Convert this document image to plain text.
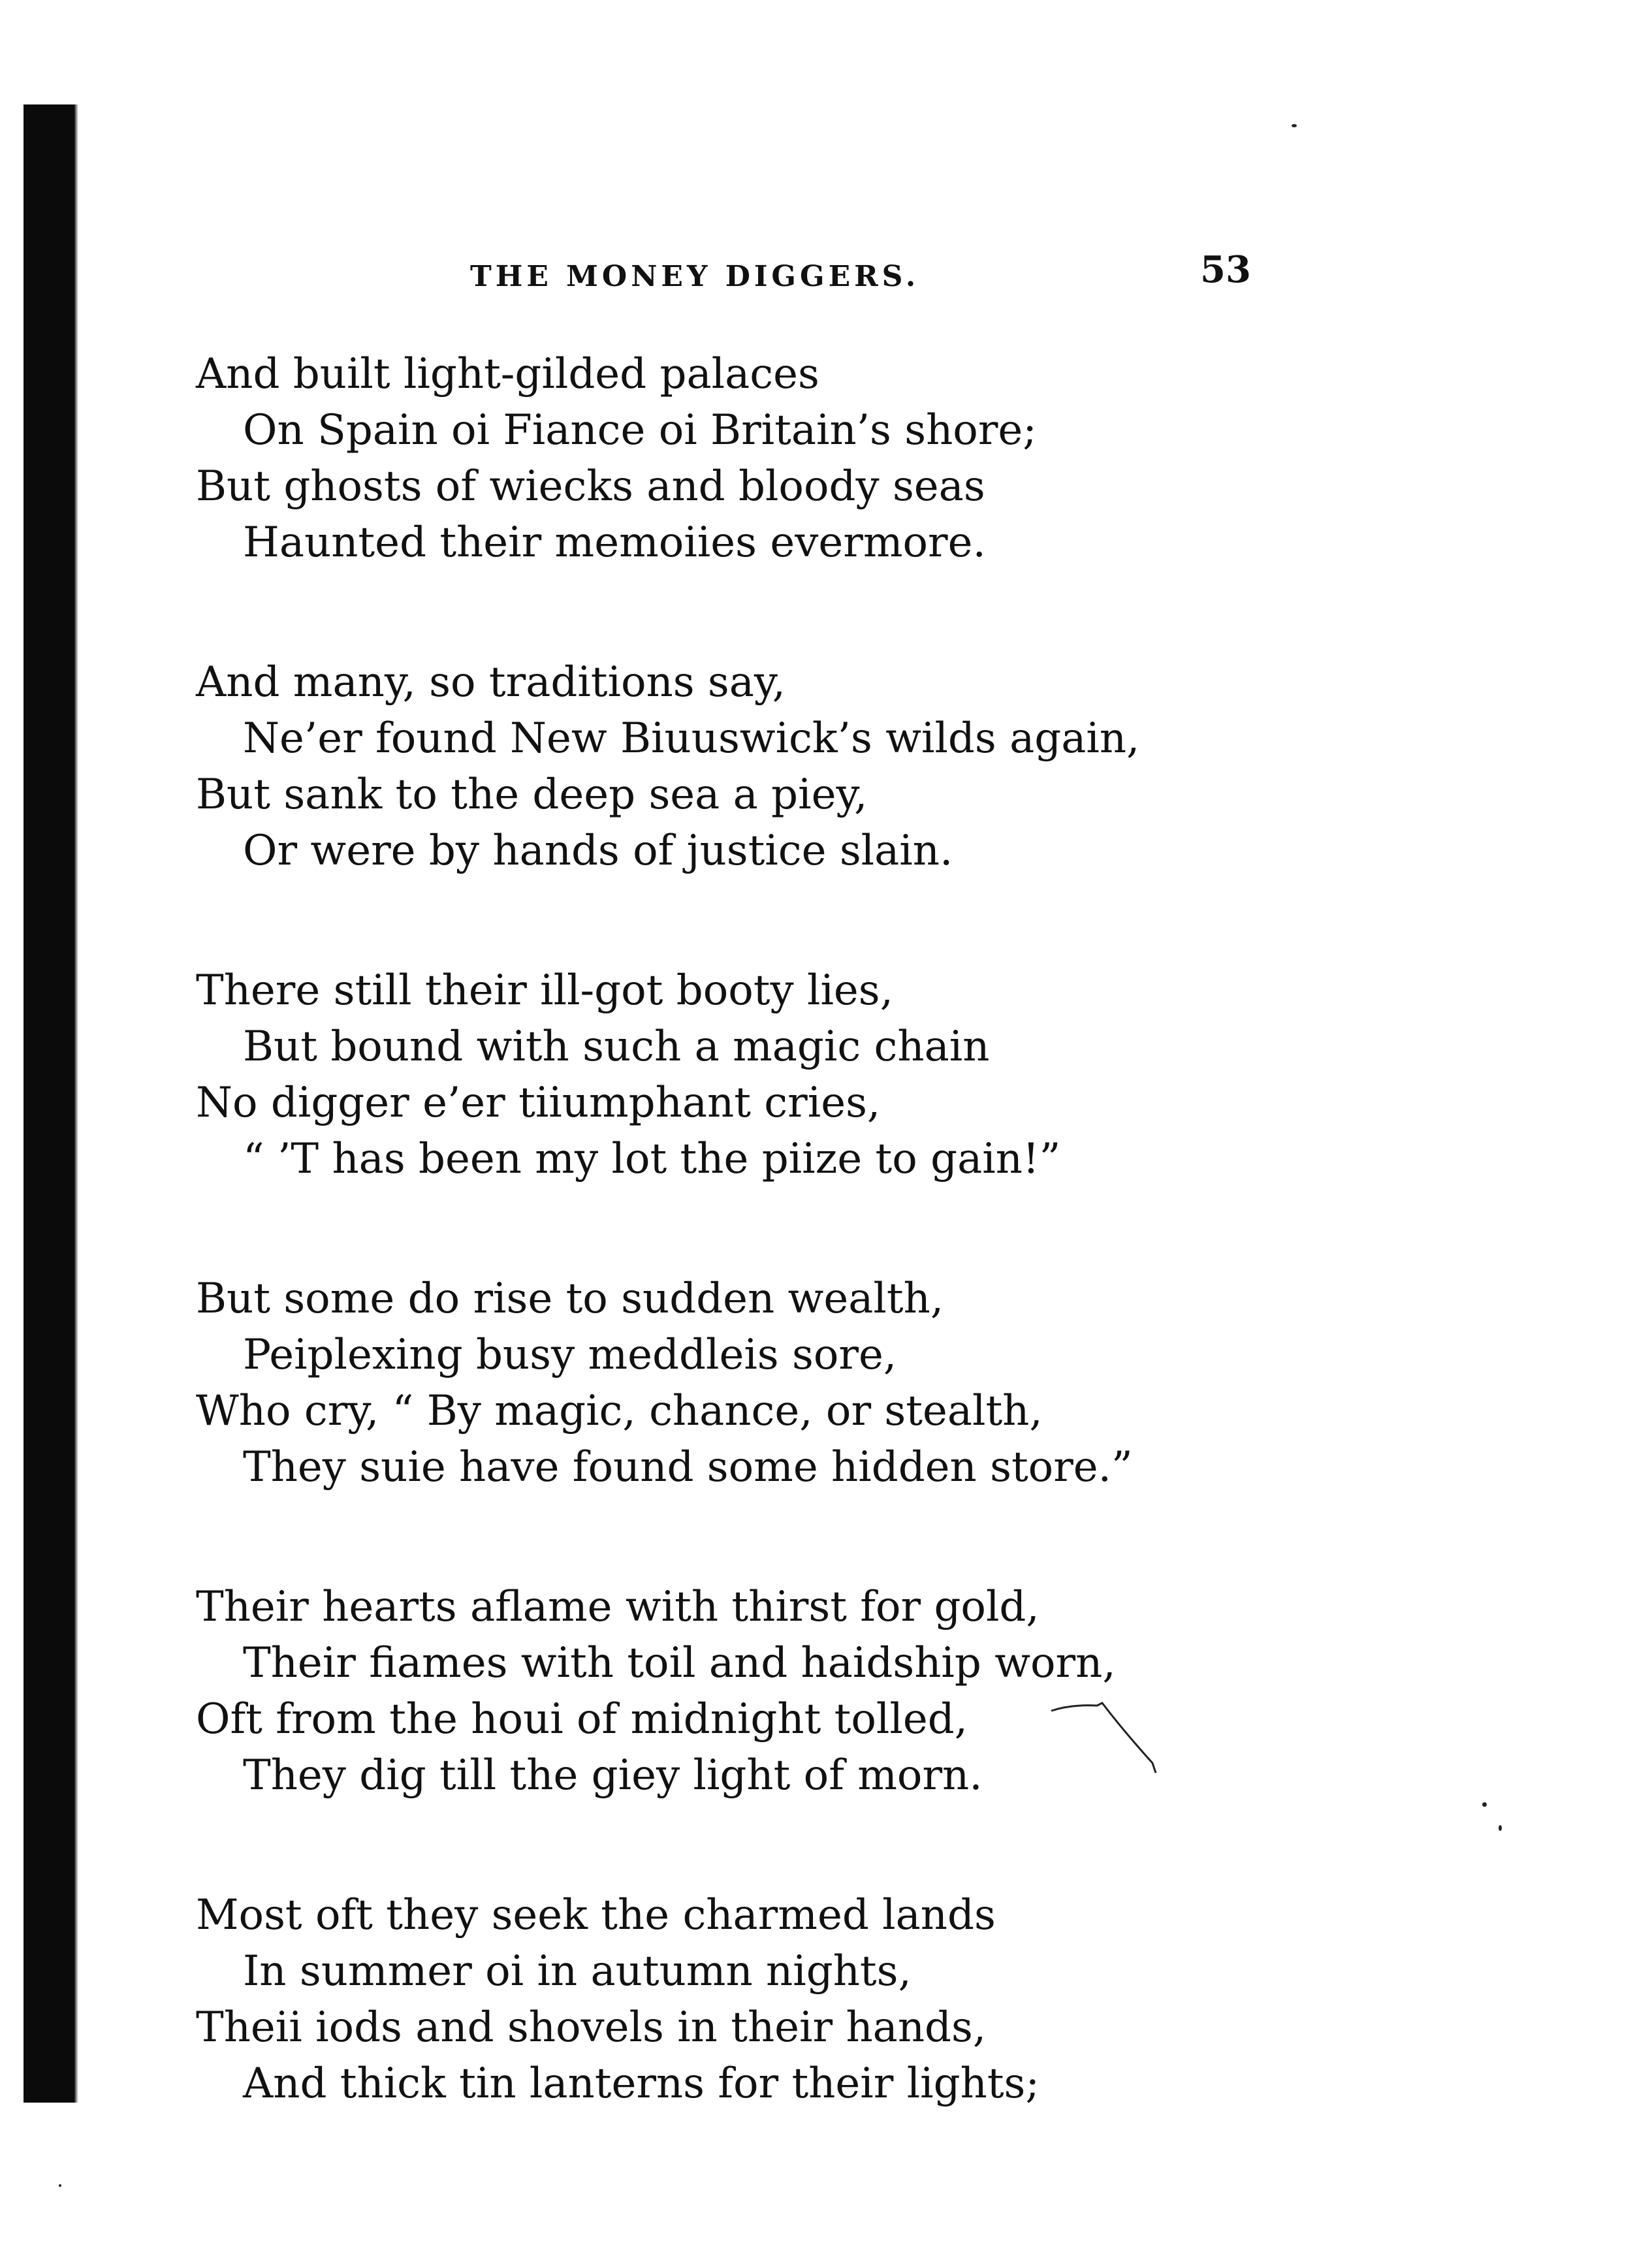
THE MONEY DIGGERS.	53
And built light-gilded palaces
On Spain oi Fiance oi Britain’s shore;
But ghosts of wiecks and bloody seas
Haunted their memoiies evermore.
And many, so traditions say,
Ne’er found New Biuuswick’s wilds again,
But sank to the deep sea a piey,
Or were by hands of justice slain.
There still their ill-got booty lies,
But bound with such a magic chain
No digger e’er tiiumphant cries,
“ ’T has been my lot the piize to gain!”
But some do rise to sudden wealth,
Peiplexing busy meddleis sore,
Who cry, “ By magic, chance, or stealth,
They suie have found some hidden store.”
Their hearts aflame with thirst for gold,
Their fiames with toil and haidship worn,
Oft from the houi of midnight tolled,
They dig till the giey light of morn.
Most oft they seek the charmed lands
In summer oi in autumn nights,
Theii iods and shovels in their hands,
And thick tin lanterns for their lights;
